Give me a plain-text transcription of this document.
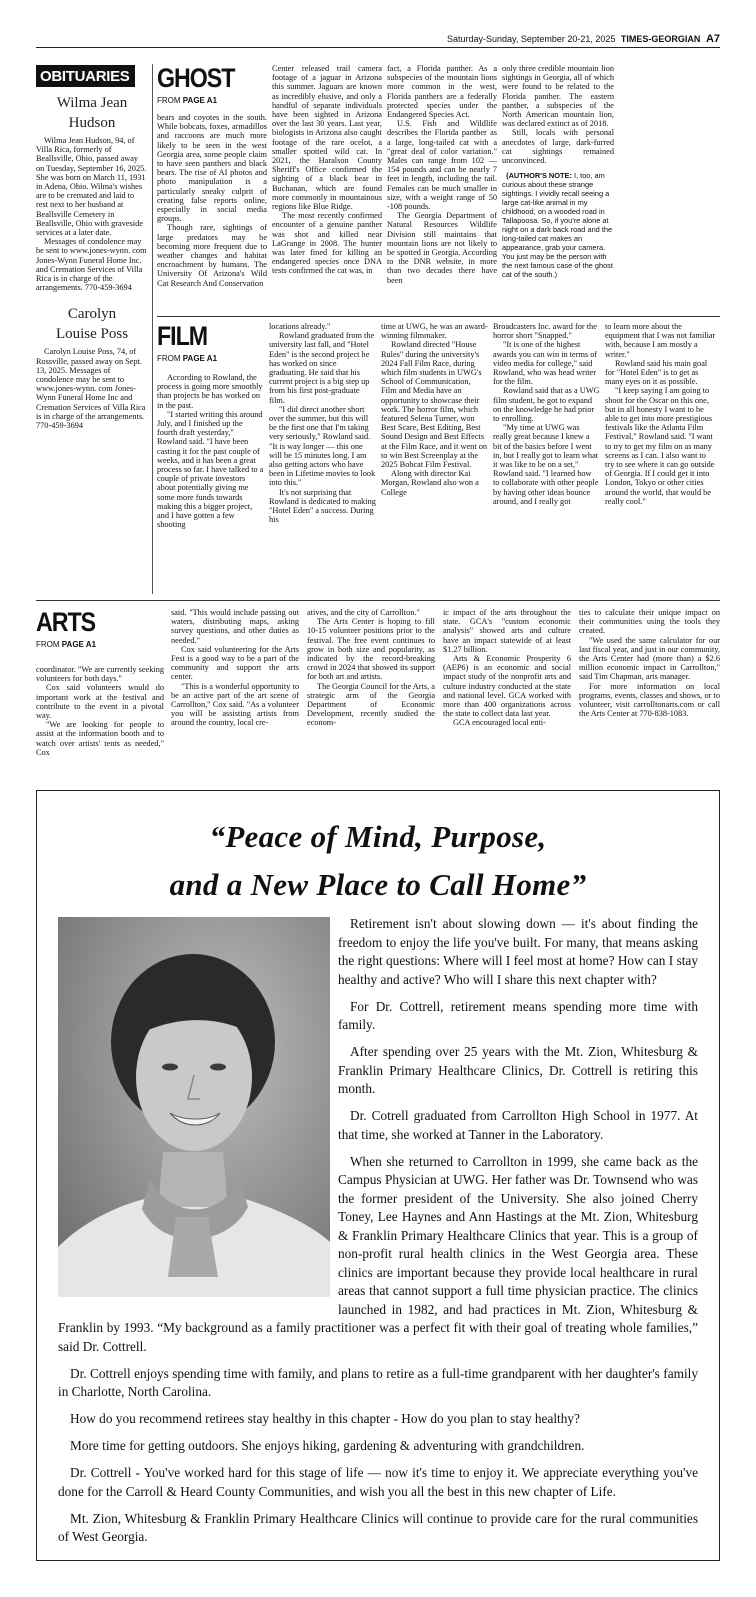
Saturday-Sunday, September 20-21, 2025 TIMES-GEORGIAN A7
OBITUARIES
Wilma Jean
Hudson

Wilma Jean Hudson, 94, of Villa Rica, formerly of Beallsville, Ohio, passed away on Tuesday, September 16, 2025. She was born on March 11, 1931 in Adena, Ohio. Wilma's wishes are to be cremated and laid to rest next to her husband at Beallsville Cemetery in Beallsville, Ohio with graveside services at a later date.

Messages of condolence may be sent to www.jones-wynn. com Jones-Wynn Funeral Home Inc. and Cremation Services of Villa Rica is in charge of the arrangements. 770-459-3694

Carolyn
Louise Poss

Carolyn Louise Poss, 74, of Rossville, passed away on Sept. 13, 2025. Messages of condolence may be sent to www.jones-wynn. com Jones-Wynn Funeral Home Inc and Cremation Services of Villa Rica is in charge of the arrangements. 770-459-3694

GHOST
FROM PAGE A1

bears and coyotes in the south. While bobcats, foxes, armadillos and raccoons are much more likely to be seen in the west Georgia area, some people claim to have seen panthers and black bears. The rise of AI photos and photo manipulation is a particularly sneaky culprit of creating false reports online, especially in social media groups.

Though rare, sightings of large predators may be becoming more frequent due to weather changes and habitat encroachment by humans. The University Of Arizona's Wild Cat Research And Conservation

Center released trail camera footage of a jaguar in Arizona this summer. Jaguars are known as incredibly elusive, and only a handful of separate individuals have been sighted in Arizona over the last 30 years. Last year, biologists in Arizona also caught footage of the rare ocelot, a smaller spotted wild cat. In 2021, the Haralson County Sheriff's Office confirmed the sighting of a black bear in Buchanan, which are found more commonly in mountainous regions like Blue Ridge.

The most recently confirmed encounter of a genuine panther was shot and killed near LaGrange in 2008. The hunter was later fined for killing an endangered species once DNA tests confirmed the cat was, in

fact, a Florida panther. As a subspecies of the mountain lions more common in the west, Florida panthers are a federally protected species under the Endangered Species Act.

U.S. Fish and Wildlife describes the Florida panther as a large, long-tailed cat with a "great deal of color variation." Males can range from 102 — 154 pounds and can be nearly 7 feet in length, including the tail. Females can be much smaller in size, with a weight range of 50 -108 pounds.

The Georgia Department of Natural Resources Wildlife Division still maintains that mountain lions are not likely to be spotted in Georgia. According to the DNR website, in more than two decades there have been

only three credible mountain lion sightings in Georgia, all of which were found to be related to the Florida panther. The eastern panther, a subspecies of the North American mountain lion, was declared extinct as of 2018.

Still, locals with personal anecdotes of large, dark-furred cat sightings remained unconvinced.

(AUTHOR'S NOTE: I, too, am curious about these strange sightings. I vividly recall seeing a large cat-like animal in my childhood, on a wooded road in Tallapoosa. So, if you're alone at night on a dark back road and the long-tailed cat makes an appearance, grab your camera. You just may be the person with the next famous case of the ghost cat of the south.)
FILM
FROM PAGE A1

According to Rowland, the process is going more smoothly than projects he has worked on in the past.

"I started writing this around July, and I finished up the fourth draft yesterday," Rowland said. "I have been casting it for the past couple of weeks, and it has been a great process so far. I have talked to a couple of private investors about potentially giving me some more funds towards making this a bigger project, and I have gotten a few shooting

locations already."

Rowland graduated from the university last fall, and "Hotel Eden" is the second project he has worked on since graduating. He said that his current project is a big step up from his first post-graduate film.

"I did direct another short over the summer, but this will be the first one that I'm taking very seriously," Rowland said. "It is way longer — this one will be 15 minutes long. I am also getting actors who have been in Lifetime movies to look into this."

It's not surprising that Rowland is dedicated to making "Hotel Eden" a success. During his

time at UWG, he was an award-winning filmmaker.

Rowland directed "House Rules" during the university's 2024 Fall Film Race, during which film students in UWG's School of Communication, Film and Media have an opportunity to showcase their work. The horror film, which featured Selena Turner, won Best Scare, Best Editing, Best Sound Design and Best Effects at the Film Race, and it went on to win Best Screenplay at the 2025 Bobcat Film Festival.

Along with director Kai Morgan, Rowland also won a College

Broadcasters Inc. award for the horror short "Snapped."

"It is one of the highest awards you can win in terms of video media for college," said Rowland, who was head writer for the film.

Rowland said that as a UWG film student, he got to expand on the knowledge he had prior to enrolling.

"My time at UWG was really great because I knew a bit of the basics before I went in, but I really got to learn what it was like to be on a set," Rowland said. "I learned how to collaborate with other people by having other ideas bounce around, and I really got

to learn more about the equipment that I was not familiar with, because I am mostly a writer."

Rowland said his main goal for "Hotel Eden" is to get as many eyes on it as possible.

"I keep saying I am going to shoot for the Oscar on this one, but in all honesty I want to be able to get into more prestigious festivals like the Atlanta Film Festival," Rowland said. "I want to try to get my film on as many screens as I can. I also want to try to see where it can go outside of Georgia. If I could get it into London, Tokyo or other cities around the world, that would be really cool."

ARTS
FROM PAGE A1

coordinator. "We are currently seeking volunteers for both days."

Cox said volunteers would do important work at the festival and contribute to the event in a pivotal way.

"We are looking for people to assist at the information booth and to watch over artists' tents as needed," Cox

said. "This would include passing out waters, distributing maps, asking survey questions, and other duties as needed."

Cox said volunteering for the Arts Fest is a good way to be a part of the community and support the arts center.

"This is a wonderful opportunity to be an active part of the art scene of Carrollton," Cox said. "As a volunteer you will be assisting artists from around the country, local cre-

atives, and the city of Carrollton."

The Arts Center is hoping to fill 10-15 volunteer positions prior to the festival. The free event continues to grow in both size and popularity, as indicated by the record-breaking crowd in 2024 that showed its support for both art and artists.

The Georgia Council for the Arts, a strategic arm of the Georgia Department of Economic Development, recently studied the econom-

ic impact of the arts throughout the state. GCA's "custom economic analysis" showed arts and culture have an impact statewide of at least $1.27 billion.

Arts & Economic Prosperity 6 (AEP6) is an economic and social impact study of the nonprofit arts and culture industry conducted at the state and national level. GCA worked with more than 400 organizations across the state to collect data last year.

GCA encouraged local enti-

ties to calculate their unique impact on their communities using the tools they created.

"We used the same calculator for our last fiscal year, and just in our community, the Arts Center had (more than) a $2.6 million economic impact in Carrollton," said Tim Chapman, arts manager.

For more information on local programs, events, classes and shows, or to volunteer, visit carrolltonarts.com or call the Arts Center at 770-838-1083.

“Peace of Mind, Purpose,
and a New Place to Call Home”

Retirement isn't about slowing down — it's about finding the freedom to enjoy the life you've built. For many, that means asking the right questions: Where will I feel most at home? How can I stay healthy and active? Who will I share this next chapter with?

For Dr. Cottrell, retirement means spending more time with family.

After spending over 25 years with the Mt. Zion, Whitesburg & Franklin Primary Healthcare Clinics, Dr. Cottrell is retiring this month.

Dr. Cotrell graduated from Carrollton High School in 1977. At that time, she worked at Tanner in the Laboratory.

When she returned to Carrollton in 1999, she came back as the Campus Physician at UWG. Her father was Dr. Townsend who was the former president of the University. She also joined Cherry Toney, Lee Haynes and Ann Hastings at the Mt. Zion, Whitesburg & Franklin Primary Healthcare Clinics that year. This is a group of non-profit rural health clinics in the West Georgia area. These clinics are important because they provide local healthcare in rural areas that cannot support a full time physician practice. The clinics launched in 1982, and had practices in Mt. Zion, Whitesburg & Franklin by 1993. “My background as a family practitioner was a perfect fit with their goal of treating whole families,” said Dr. Cottrell.

Dr. Cottrell enjoys spending time with family, and plans to retire as a full-time grandparent with her daughter's family in Charlotte, North Carolina.

How do you recommend retirees stay healthy in this chapter - How do you plan to stay healthy?

More time for getting outdoors. She enjoys hiking, gardening & adventuring with grandchildren.

Dr. Cottrell - You've worked hard for this stage of life — now it's time to enjoy it. We appreciate everything you've done for the Carroll & Heard County Communities, and wish you all the best in this new chapter of Life.

Mt. Zion, Whitesburg & Franklin Primary Healthcare Clinics will continue to provide care for the rural communities of West Georgia.
